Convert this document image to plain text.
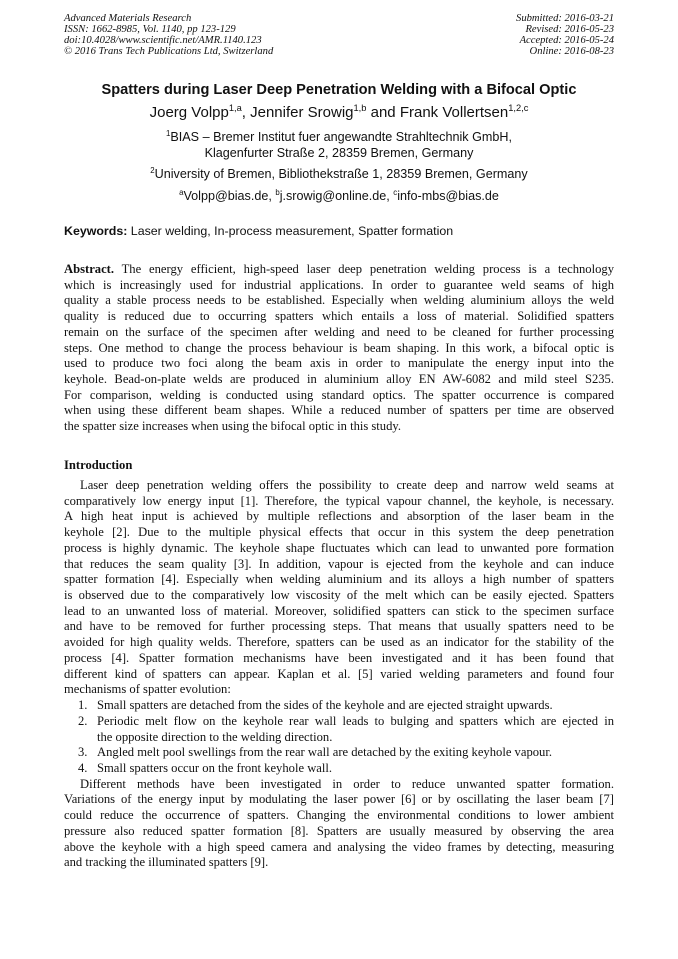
Advanced Materials Research
ISSN: 1662-8985, Vol. 1140, pp 123-129
doi:10.4028/www.scientific.net/AMR.1140.123
© 2016 Trans Tech Publications Ltd, Switzerland
Submitted: 2016-03-21
Revised: 2016-05-23
Accepted: 2016-05-24
Online: 2016-08-23
Spatters during Laser Deep Penetration Welding with a Bifocal Optic
Joerg Volpp$^{1,a}$, Jennifer Srowig$^{1,b}$ and Frank Vollertsen$^{1,2,c}$
$^1$BIAS – Bremer Institut fuer angewandte Strahltechnik GmbH,
Klagenfurter Straße 2, 28359 Bremen, Germany
$^2$University of Bremen, Bibliothekstraße 1, 28359 Bremen, Germany
$^a$Volpp@bias.de, $^b$j.srowig@online.de, $^c$info-mbs@bias.de
Keywords: Laser welding, In-process measurement, Spatter formation
Abstract. The energy efficient, high-speed laser deep penetration welding process is a technology
which is increasingly used for industrial applications. In order to guarantee weld seams of high
quality a stable process needs to be established. Especially when welding aluminium alloys the weld
quality is reduced due to occurring spatters which entails a loss of material. Solidified spatters
remain on the surface of the specimen after welding and need to be cleaned for further processing
steps. One method to change the process behaviour is beam shaping. In this work, a bifocal optic is
used to produce two foci along the beam axis in order to manipulate the energy input into the
keyhole. Bead-on-plate welds are produced in aluminium alloy EN AW-6082 and mild steel S235.
For comparison, welding is conducted using standard optics. The spatter occurrence is compared
when using these different beam shapes. While a reduced number of spatters per time are observed
the spatter size increases when using the bifocal optic in this study.
Introduction
Laser deep penetration welding offers the possibility to create deep and narrow weld seams at
comparatively low energy input [1]. Therefore, the typical vapour channel, the keyhole, is necessary.
A high heat input is achieved by multiple reflections and absorption of the laser beam in the
keyhole [2]. Due to the multiple physical effects that occur in this system the deep penetration
process is highly dynamic. The keyhole shape fluctuates which can lead to unwanted pore formation
that reduces the seam quality [3]. In addition, vapour is ejected from the keyhole and can induce
spatter formation [4]. Especially when welding aluminium and its alloys a high number of spatters
is observed due to the comparatively low viscosity of the melt which can be easily ejected. Spatters
lead to an unwanted loss of material. Moreover, solidified spatters can stick to the specimen surface
and have to be removed for further processing steps. That means that usually spatters need to be
avoided for high quality welds. Therefore, spatters can be used as an indicator for the stability of the
process [4]. Spatter formation mechanisms have been investigated and it has been found that
different kind of spatters can appear. Kaplan et al. [5] varied welding parameters and found four
mechanisms of spatter evolution:
1. Small spatters are detached from the sides of the keyhole and are ejected straight upwards.
2. Periodic melt flow on the keyhole rear wall leads to bulging and spatters which are ejected in
the opposite direction to the welding direction.
3. Angled melt pool swellings from the rear wall are detached by the exiting keyhole vapour.
4. Small spatters occur on the front keyhole wall.
Different methods have been investigated in order to reduce unwanted spatter formation.
Variations of the energy input by modulating the laser power [6] or by oscillating the laser beam [7]
could reduce the occurrence of spatters. Changing the environmental conditions to lower ambient
pressure also reduced spatter formation [8]. Spatters are usually measured by observing the area
above the keyhole with a high speed camera and analysing the video frames by detecting, measuring
and tracking the illuminated spatters [9].
